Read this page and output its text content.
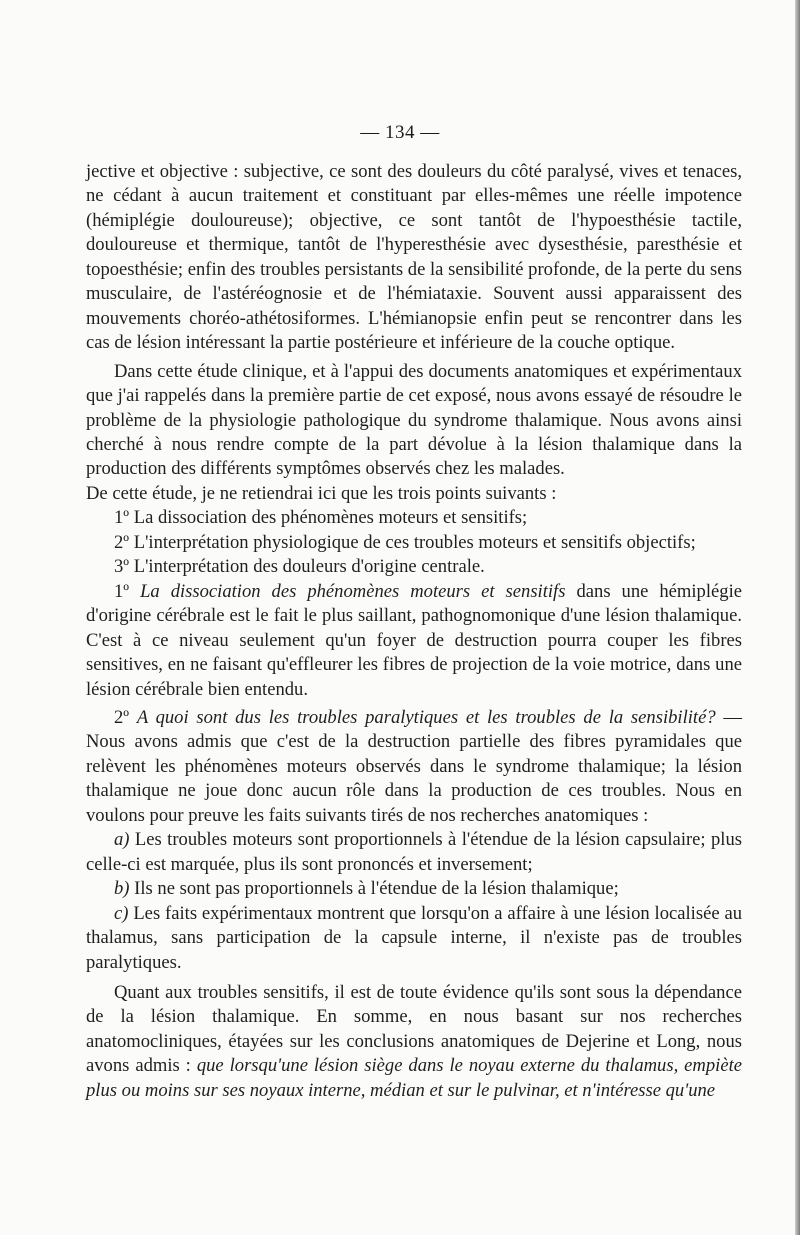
— 134 —

jective et objective : subjective, ce sont des douleurs du côté paralysé, vives et tenaces, ne cédant à aucun traitement et constituant par elles-mêmes une réelle impotence (hémiplégie douloureuse); objective, ce sont tantôt de l'hypoesthésie tactile, douloureuse et thermique, tantôt de l'hyperesthésie avec dysesthésie, paresthésie et topoesthésie; enfin des troubles persistants de la sensibilité profonde, de la perte du sens musculaire, de l'astéréognosie et de l'hémiataxie. Souvent aussi apparaissent des mouvements choréo-athétosiformes. L'hémianopsie enfin peut se rencontrer dans les cas de lésion intéressant la partie postérieure et inférieure de la couche optique.

Dans cette étude clinique, et à l'appui des documents anatomiques et expérimentaux que j'ai rappelés dans la première partie de cet exposé, nous avons essayé de résoudre le problème de la physiologie pathologique du syndrome thalamique. Nous avons ainsi cherché à nous rendre compte de la part dévolue à la lésion thalamique dans la production des différents symptômes observés chez les malades.

De cette étude, je ne retiendrai ici que les trois points suivants :

1º La dissociation des phénomènes moteurs et sensitifs;

2º L'interprétation physiologique de ces troubles moteurs et sensitifs objectifs;

3º L'interprétation des douleurs d'origine centrale.

1º La dissociation des phénomènes moteurs et sensitifs dans une hémiplégie d'origine cérébrale est le fait le plus saillant, pathognomonique d'une lésion thalamique. C'est à ce niveau seulement qu'un foyer de destruction pourra couper les fibres sensitives, en ne faisant qu'effleurer les fibres de projection de la voie motrice, dans une lésion cérébrale bien entendu.

2º A quoi sont dus les troubles paralytiques et les troubles de la sensibilité? — Nous avons admis que c'est de la destruction partielle des fibres pyramidales que relèvent les phénomènes moteurs observés dans le syndrome thalamique; la lésion thalamique ne joue donc aucun rôle dans la production de ces troubles. Nous en voulons pour preuve les faits suivants tirés de nos recherches anatomiques :

a) Les troubles moteurs sont proportionnels à l'étendue de la lésion capsulaire; plus celle-ci est marquée, plus ils sont prononcés et inversement;

b) Ils ne sont pas proportionnels à l'étendue de la lésion thalamique;

c) Les faits expérimentaux montrent que lorsqu'on a affaire à une lésion localisée au thalamus, sans participation de la capsule interne, il n'existe pas de troubles paralytiques.

Quant aux troubles sensitifs, il est de toute évidence qu'ils sont sous la dépendance de la lésion thalamique. En somme, en nous basant sur nos recherches anatomocliniques, étayées sur les conclusions anatomiques de Dejerine et Long, nous avons admis : que lorsqu'une lésion siège dans le noyau externe du thalamus, empiète plus ou moins sur ses noyaux interne, médian et sur le pulvinar, et n'intéresse qu'une
